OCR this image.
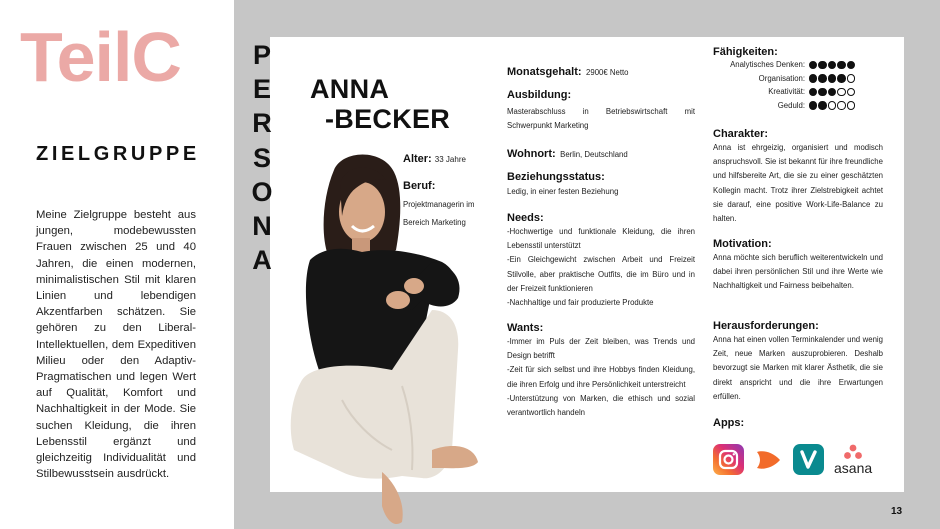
TeilC
ZIELGRUPPE

Meine Zielgruppe besteht aus jungen, modebewussten Frauen zwischen 25 und 40 Jahren, die einen modernen, minimalistischen Stil mit klaren Linien und lebendigen Akzentfarben schätzen. Sie gehören zu den Liberal-Intellektuellen, dem Expeditiven Milieu oder den Adaptiv-Pragmatischen und legen Wert auf Qualität, Komfort und Nachhaltigkeit in der Mode. Sie suchen Kleidung, die ihren Lebensstil ergänzt und gleichzeitig Individualität und Stilbewusstsein ausdrückt.

P
E
R
S
O
N
A
ANNA
-BECKER
Alter: 33 Jahre
Beruf:
Projektmanagerin im Bereich Marketing
Monatsgehalt: 2900€ Netto
Ausbildung:
Masterabschluss in Betriebswirtschaft mit Schwerpunkt Marketing
Wohnort: Berlin, Deutschland
Beziehungsstatus:
Ledig, in einer festen Beziehung
Needs:
-Hochwertige und funktionale Kleidung, die ihren Lebensstil unterstützt
-Ein Gleichgewicht zwischen Arbeit und Freizeit Stilvolle, aber praktische Outfits, die im Büro und in der Freizeit funktionieren
-Nachhaltige und fair produzierte Produkte
Wants:
-Immer im Puls der Zeit bleiben, was Trends und Design betrifft
-Zeit für sich selbst und ihre Hobbys finden Kleidung, die ihren Erfolg und ihre Persönlichkeit unterstreicht
-Unterstützung von Marken, die ethisch und sozial verantwortlich handeln
Fähigkeiten:
Analytisches Denken:
Organisation:
Kreativität:
Geduld:
Charakter:
Anna ist ehrgeizig, organisiert und modisch anspruchsvoll. Sie ist bekannt für ihre freundliche und hilfsbereite Art, die sie zu einer geschätzten Kollegin macht. Trotz ihrer Zielstrebigkeit achtet sie darauf, eine positive Work-Life-Balance zu halten.
Motivation:
Anna möchte sich beruflich weiterentwickeln und dabei ihren persönlichen Stil und ihre Werte wie Nachhaltigkeit und Fairness beibehalten.
Herausforderungen:
Anna hat einen vollen Terminkalender und wenig Zeit, neue Marken auszuprobieren. Deshalb bevorzugt sie Marken mit klarer Ästhetik, die sie direkt anspricht und die ihre Erwartungen erfüllen.
Apps:
asana
13
